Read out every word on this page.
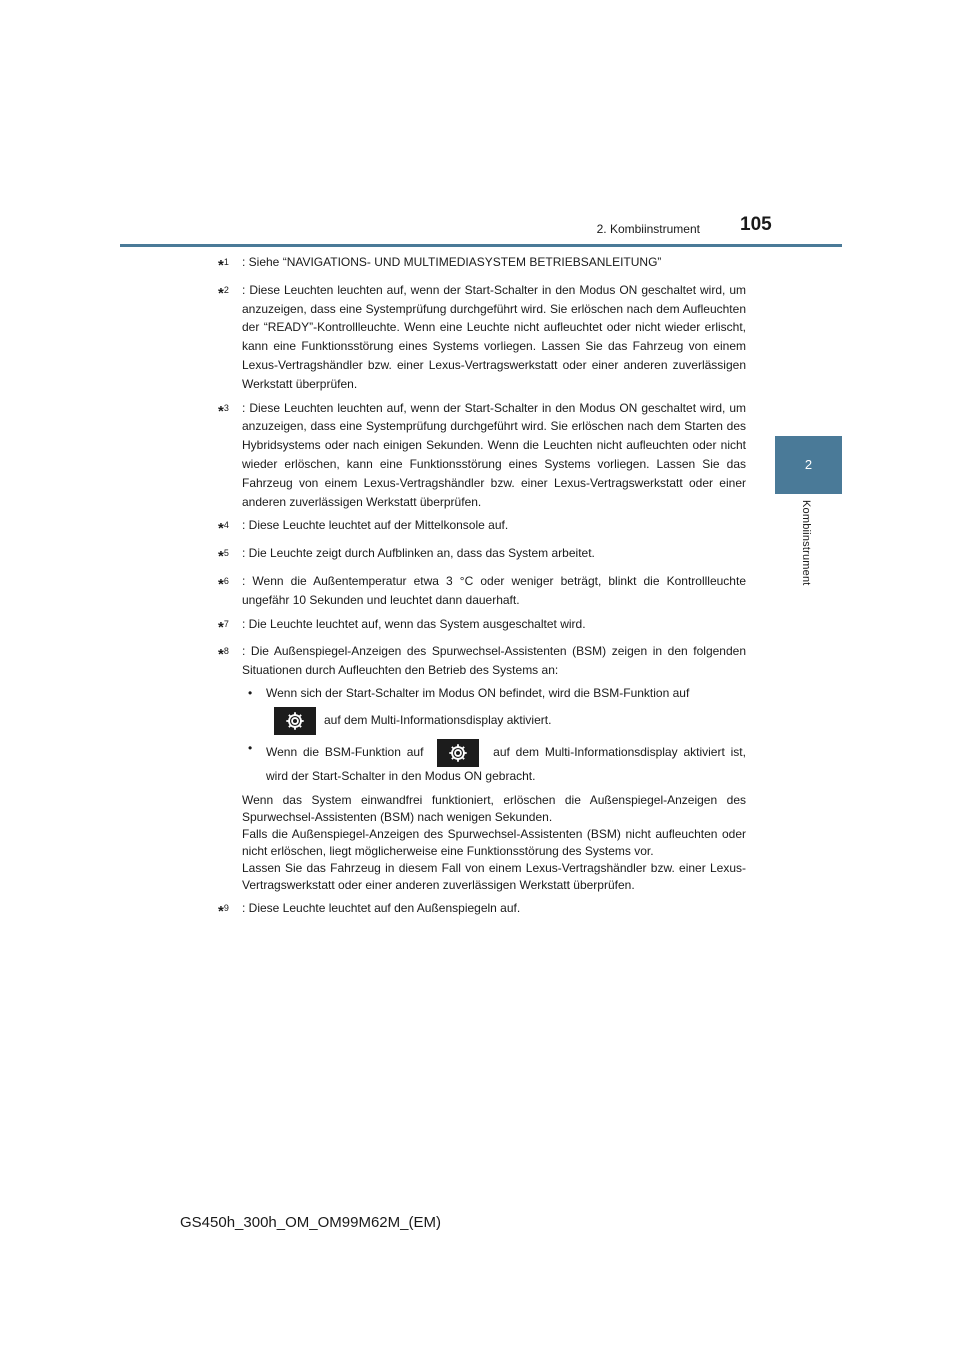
2. Kombiinstrument 105
2
Kombiinstrument
*$^1$	: Siehe “NAVIGATIONS- UND MULTIMEDIASYSTEM BETRIEBSANLEITUNG”
*$^2$	: Diese Leuchten leuchten auf, wenn der Start-Schalter in den Modus ON geschaltet wird, um anzuzeigen, dass eine Systemprüfung durchgeführt wird. Sie erlöschen nach dem Aufleuchten der “READY”-Kontrollleuchte. Wenn eine Leuchte nicht aufleuchtet oder nicht wieder erlischt, kann eine Funktionsstörung eines Systems vorliegen. Lassen Sie das Fahrzeug von einem Lexus-Vertragshändler bzw. einer Lexus-Vertragswerkstatt oder einer anderen zuverlässigen Werkstatt überprüfen.
*$^3$	: Diese Leuchten leuchten auf, wenn der Start-Schalter in den Modus ON geschaltet wird, um anzuzeigen, dass eine Systemprüfung durchgeführt wird. Sie erlöschen nach dem Starten des Hybridsystems oder nach einigen Sekunden. Wenn die Leuchten nicht aufleuchten oder nicht wieder erlöschen, kann eine Funktionsstörung eines Systems vorliegen. Lassen Sie das Fahrzeug von einem Lexus-Vertragshändler bzw. einer Lexus-Vertragswerkstatt oder einer anderen zuverlässigen Werkstatt überprüfen.
*$^4$	: Diese Leuchte leuchtet auf der Mittelkonsole auf.
*$^5$	: Die Leuchte zeigt durch Aufblinken an, dass das System arbeitet.
*$^6$	: Wenn die Außentemperatur etwa 3 °C oder weniger beträgt, blinkt die Kontrollleuchte ungefähr 10 Sekunden und leuchtet dann dauerhaft.
*$^7$	: Die Leuchte leuchtet auf, wenn das System ausgeschaltet wird.
*$^8$	: Die Außenspiegel-Anzeigen des Spurwechsel-Assistenten (BSM) zeigen in den folgenden Situationen durch Aufleuchten den Betrieb des Systems an:
•	Wenn sich der Start-Schalter im Modus ON befindet, wird die BSM-Funktion auf
auf dem Multi-Informationsdisplay aktiviert.
•	Wenn die BSM-Funktion auf	auf dem Multi-Informationsdisplay aktiviert ist, wird der Start-Schalter in den Modus ON gebracht.
Wenn das System einwandfrei funktioniert, erlöschen die Außenspiegel-Anzeigen des Spurwechsel-Assistenten (BSM) nach wenigen Sekunden.
Falls die Außenspiegel-Anzeigen des Spurwechsel-Assistenten (BSM) nicht aufleuchten oder nicht erlöschen, liegt möglicherweise eine Funktionsstörung des Systems vor.
Lassen Sie das Fahrzeug in diesem Fall von einem Lexus-Vertragshändler bzw. einer Lexus-Vertragswerkstatt oder einer anderen zuverlässigen Werkstatt überprüfen.
*$^9$	: Diese Leuchte leuchtet auf den Außenspiegeln auf.
GS450h_300h_OM_OM99M62M_(EM)
